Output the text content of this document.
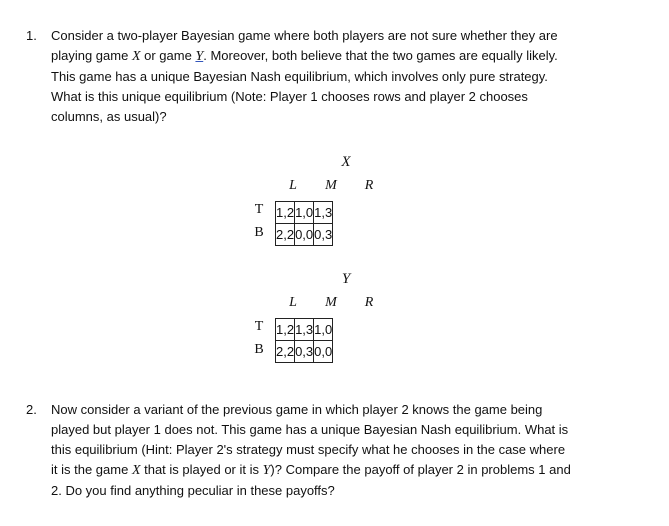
1. Consider a two-player Bayesian game where both players are not sure whether they are
playing game X or game Y. Moreover, both believe that the two games are equally likely.
This game has a unique Bayesian Nash equilibrium, which involves only pure strategy.
What is this unique equilibrium (Note: Player 1 chooses rows and player 2 chooses
columns, as usual)?
X
L	M	R
T
B
1,2	1,0	1,3
2,2	0,0	0,3
Y
L	M	R
T
B
1,2	1,3	1,0
2,2	0,3	0,0
2. Now consider a variant of the previous game in which player 2 knows the game being
played but player 1 does not. This game has a unique Bayesian Nash equilibrium. What is
this equilibrium (Hint: Player 2's strategy must specify what he chooses in the case where
it is the game X that is played or it is Y)? Compare the payoff of player 2 in problems 1 and
2. Do you find anything peculiar in these payoffs?
